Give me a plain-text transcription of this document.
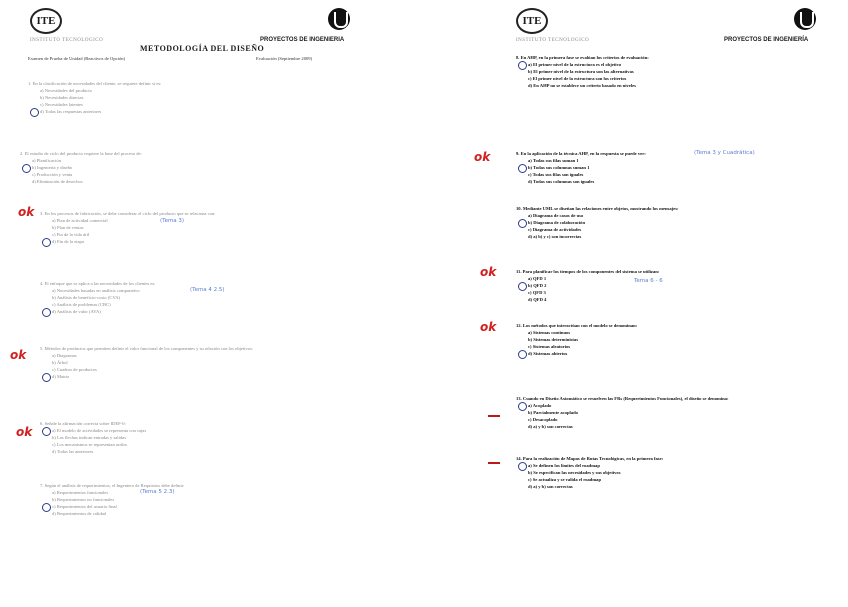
ITE
INSTITUTO TECNOLOGICO	PROYECTOS DE INGENIERIA
METODOLOGÍA DEL DISEÑO
Examen de Prueba de Unidad (Reactivos de Opción)	Evaluación (Septiembre 2009)
1. En la clasificación de necesidades del cliente, se requiere definir si es:
a) Necesidades del producto
b) Necesidades directas
c) Necesidades latentes
d) Todas las respuestas anteriores
2. El estudio de ciclo del producto requiere la base del proceso de:
a) Planificación
b) Ingeniería y diseño
c) Producción y venta
d) Eliminación de desechos
3. En los procesos de fabricación, se debe considerar el ciclo del producto que se relaciona con:
a) Plan de actividad comercial
b) Plan de ventas
c) Fin de la vida útil
d) Fin de la etapa
4. El enfoque que se aplica a las necesidades de los clientes es:
a) Necesidades basadas en análisis comparativo
b) Análisis de beneficio-costo (CVA)
c) Análisis de problemas (CBC)
d) Análisis de valor (AVA)
5. Métodos de productos que permiten definir el valor funcional de los componentes y su relación con los objetivos:
a) Diagramas
b) Árbol
c) Cuadros de productos
d) Matriz
6. Señale la afirmación correcta sobre IDEF-0:
a) El modelo de actividades se representa con cajas
b) Las flechas indican entradas y salidas
c) Los mecanismos se representan arriba
d) Todas las anteriores
7. Según el análisis de requerimientos, el Ingeniero de Requisitos debe definir:
a) Requerimientos funcionales
b) Requerimientos no funcionales
c) Requerimientos del usuario final
d) Requerimientos de calidad
(Tema 3)
(Tema 4 2.5)
(Tema 5 2.3)
ok
ok
ok
ITE
INSTITUTO TECNOLOGICO	PROYECTOS DE INGENIERÍA
8. En AHP, en la primera fase se evalúan los criterios de evaluación:
a) El primer nivel de la estructura es el objetivo
b) El primer nivel de la estructura son las alternativas
c) El primer nivel de la estructura son los criterios
d) En AHP no se establece un criterio basado en niveles
9. En la aplicación de la técnica AHP, en la respuesta se puede ver:
a) Todas sus filas suman 1
b) Todas sus columnas suman 1
c) Todas sus filas son iguales
d) Todas sus columnas son iguales
10. Mediante UML se diseñan las relaciones entre objetos, mostrando los mensajes:
a) Diagrama de casos de uso
b) Diagrama de colaboración
c) Diagrama de actividades
d) a) b) y c) son incorrectas
11. Para planificar los tiempos de los componentes del sistema se utilizan:
a) QFD 1
b) QFD 2
c) QFD 3
d) QFD 4
12. Los métodos que interactúan con el modelo se denominan:
a) Sistemas continuos
b) Sistemas deterministas
c) Sistemas aleatorios
d) Sistemas abiertos
13. Cuando en Diseño Axiomático se resuelven las FRs (Requerimientos Funcionales), el diseño se denomina:
a) Acoplado
b) Parcialmente acoplado
c) Desacoplado
d) a) y b) son correctas
14. Para la realización de Mapas de Rutas Tecnológicas, en la primera fase:
a) Se definen los límites del roadmap
b) Se especifican las necesidades y sus objetivos
c) Se actualiza y se valida el roadmap
d) a) y b) son correctas
(Tema 3 y Cuadrática)
Tema 6 - 6
ok
ok
ok
